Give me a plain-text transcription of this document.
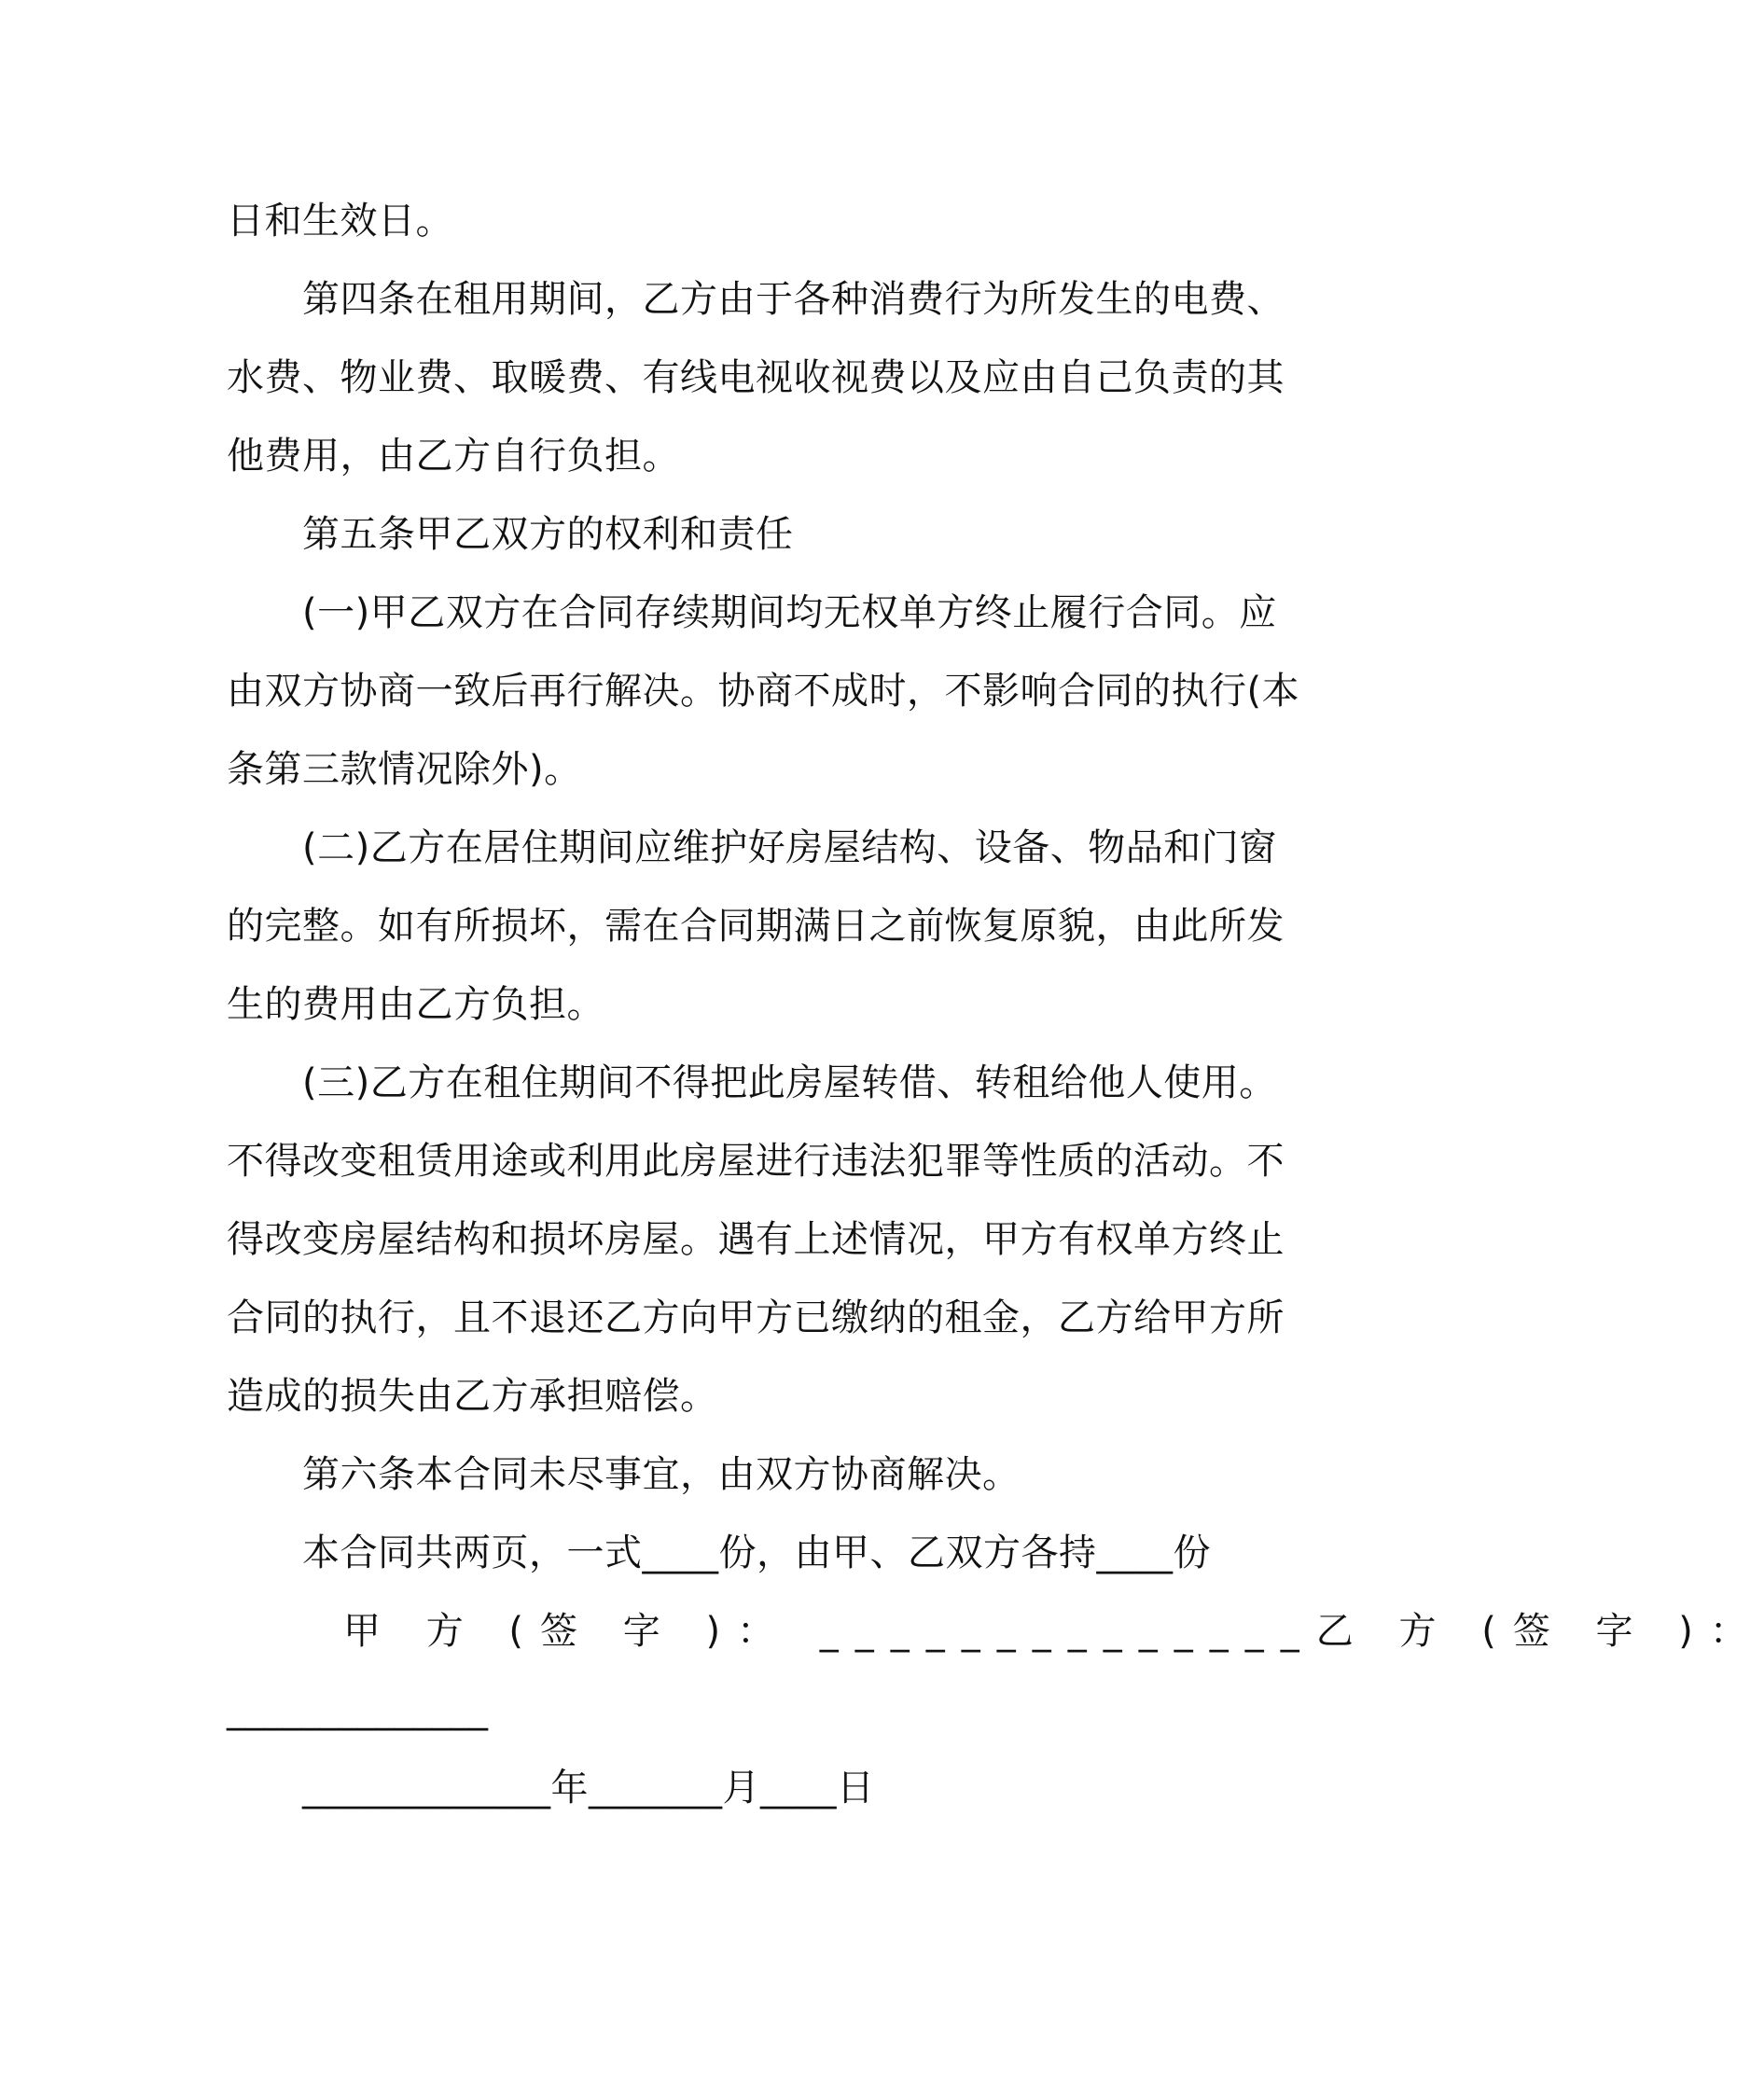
日和生效日。
第四条在租用期间，乙方由于各种消费行为所发生的电费、
水费、物业费、取暖费、有线电视收视费以及应由自己负责的其
他费用，由乙方自行负担。
第五条甲乙双方的权利和责任
(一)甲乙双方在合同存续期间均无权单方终止履行合同。应
由双方协商一致后再行解决。协商不成时，不影响合同的执行(本
条第三款情况除外)。
(二)乙方在居住期间应维护好房屋结构、设备、物品和门窗
的完整。如有所损坏，需在合同期满日之前恢复原貌，由此所发
生的费用由乙方负担。
(三)乙方在租住期间不得把此房屋转借、转租给他人使用。
不得改变租赁用途或利用此房屋进行违法犯罪等性质的活动。不
得改变房屋结构和损坏房屋。遇有上述情况，甲方有权单方终止
合同的执行，且不退还乙方向甲方已缴纳的租金，乙方给甲方所
造成的损失由乙方承担赔偿。
第六条本合同未尽事宜，由双方协商解决。
本合同共两页，一式____份，由甲、乙双方各持____份
甲 方 (签 字 )： ______________乙 方 (签 字 )：
______________
_____________年_______月____日
